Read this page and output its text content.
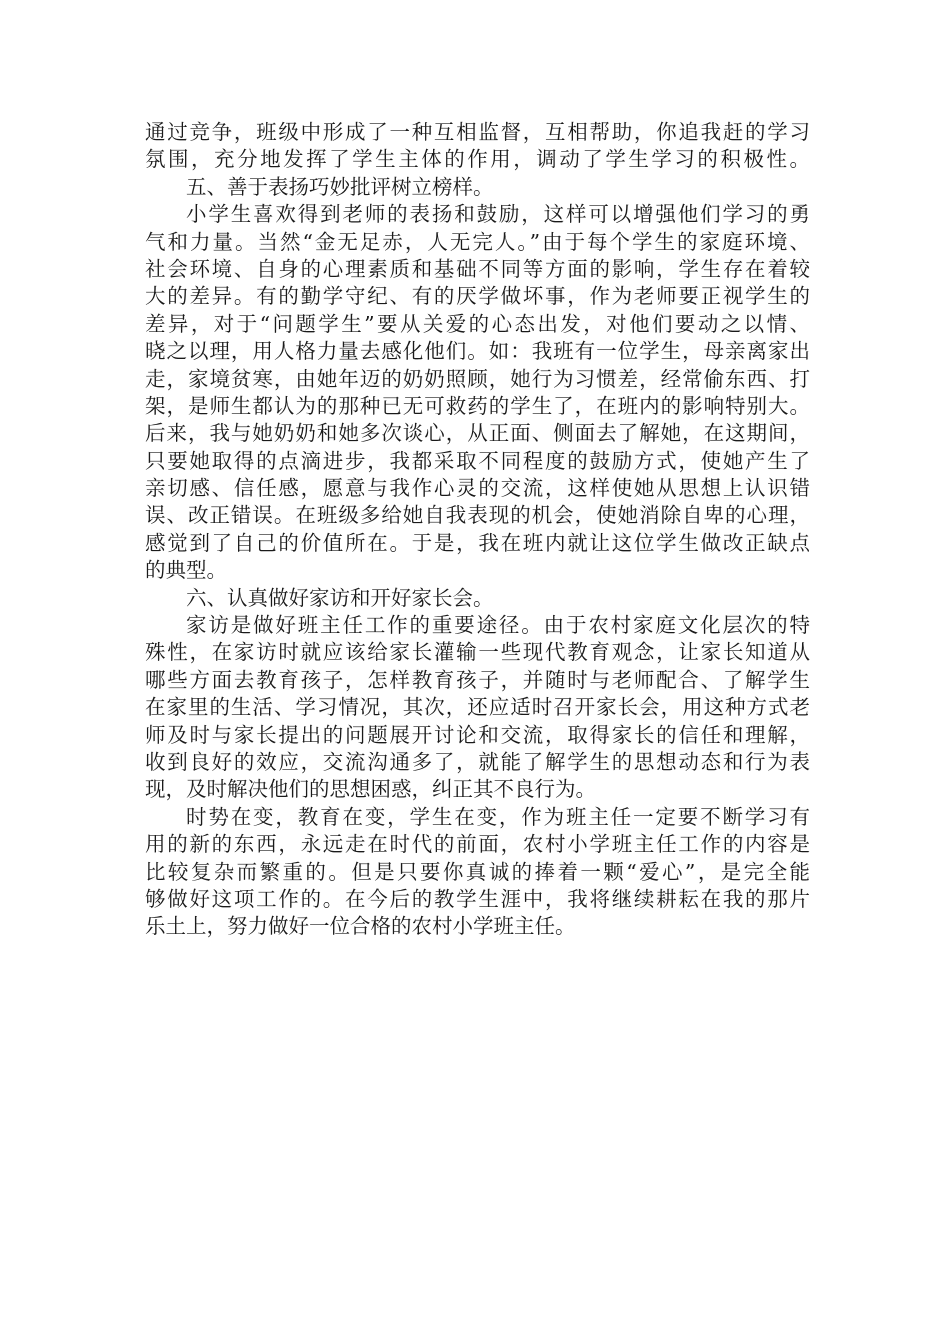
通过竞争，班级中形成了一种互相监督，互相帮助，你追我赶的学习
氛围，充分地发挥了学生主体的作用，调动了学生学习的积极性。
五、善于表扬巧妙批评树立榜样。
小学生喜欢得到老师的表扬和鼓励，这样可以增强他们学习的勇
气和力量。当然“金无足赤，人无完人。”由于每个学生的家庭环境、
社会环境、自身的心理素质和基础不同等方面的影响，学生存在着较
大的差异。有的勤学守纪、有的厌学做坏事，作为老师要正视学生的
差异，对于“问题学生”要从关爱的心态出发，对他们要动之以情、
晓之以理，用人格力量去感化他们。如：我班有一位学生，母亲离家出
走，家境贫寒，由她年迈的奶奶照顾，她行为习惯差，经常偷东西、打
架，是师生都认为的那种已无可救药的学生了，在班内的影响特别大。
后来，我与她奶奶和她多次谈心，从正面、侧面去了解她，在这期间，
只要她取得的点滴进步，我都采取不同程度的鼓励方式，使她产生了
亲切感、信任感，愿意与我作心灵的交流，这样使她从思想上认识错
误、改正错误。在班级多给她自我表现的机会，使她消除自卑的心理，
感觉到了自己的价值所在。于是，我在班内就让这位学生做改正缺点
的典型。
六、认真做好家访和开好家长会。
家访是做好班主任工作的重要途径。由于农村家庭文化层次的特
殊性，在家访时就应该给家长灌输一些现代教育观念，让家长知道从
哪些方面去教育孩子，怎样教育孩子，并随时与老师配合、了解学生
在家里的生活、学习情况，其次，还应适时召开家长会，用这种方式老
师及时与家长提出的问题展开讨论和交流，取得家长的信任和理解，
收到良好的效应，交流沟通多了，就能了解学生的思想动态和行为表
现，及时解决他们的思想困惑，纠正其不良行为。
时势在变，教育在变，学生在变，作为班主任一定要不断学习有
用的新的东西，永远走在时代的前面，农村小学班主任工作的内容是
比较复杂而繁重的。但是只要你真诚的捧着一颗“爱心”，是完全能
够做好这项工作的。在今后的教学生涯中，我将继续耕耘在我的那片
乐土上，努力做好一位合格的农村小学班主任。
